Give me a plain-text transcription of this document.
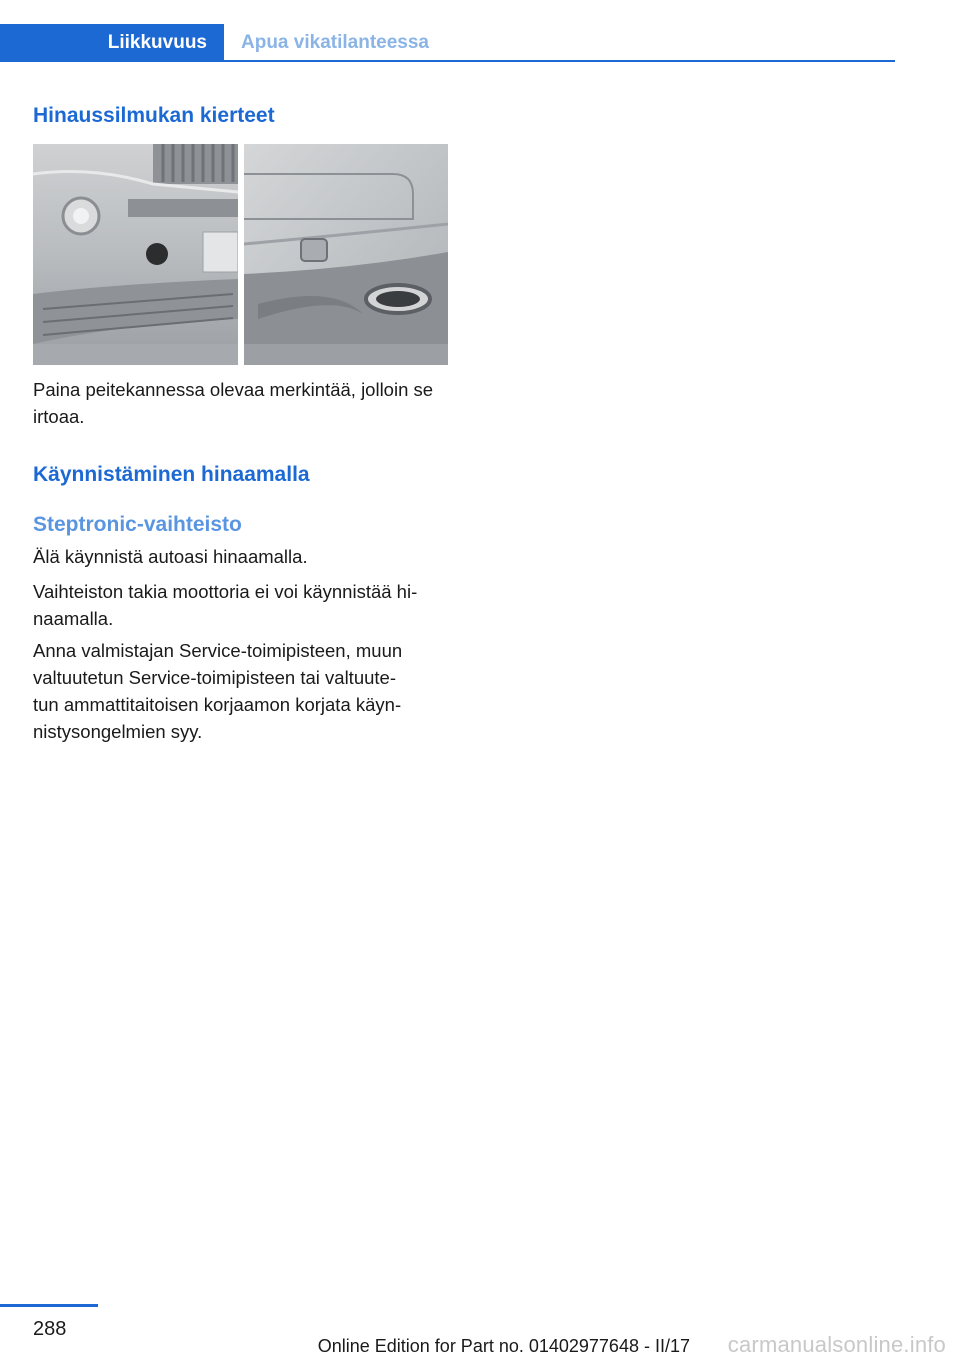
Liikkuvuus Apua vikatilanteessa
Hinaussilmukan kierteet

Paina peitekannessa olevaa merkintää, jolloin se irtoaa.

Käynnistäminen hinaamalla
Steptronic-vaihteisto

Älä käynnistä autoasi hinaamalla.

Vaihteiston takia moottoria ei voi käynnistää hi‐

naamalla.

Anna valmistajan Service-toimipisteen, muun

valtuutetun Service-toimipisteen tai valtuute‐

tun ammattitaitoisen korjaamon korjata käyn‐

nistysongelmien syy.

288
Online Edition for Part no. 01402977648 - II/17 carmanualsonline.info
